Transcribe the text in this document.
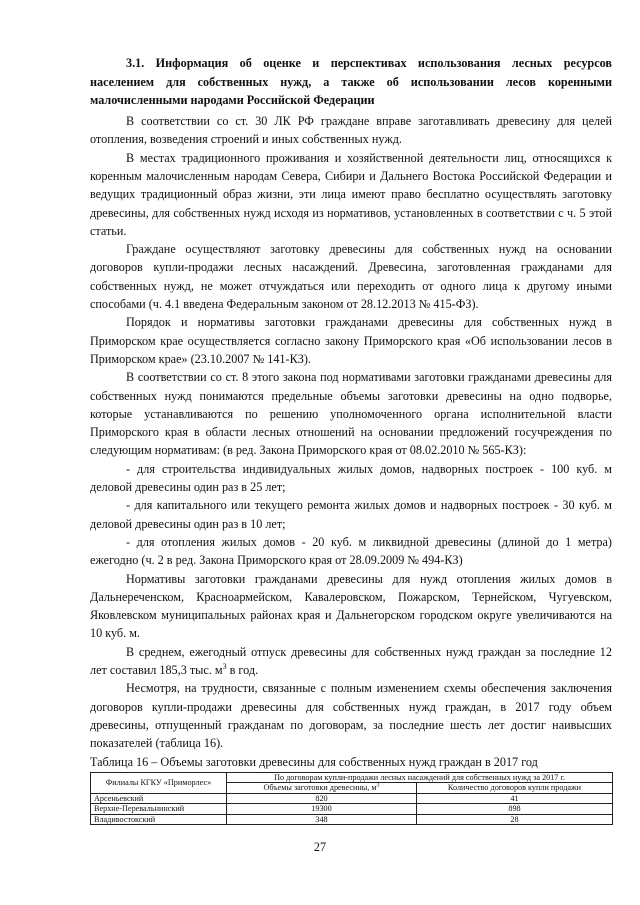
3.1. Информация об оценке и перспективах использования лесных ресурсов населением для собственных нужд, а также об использовании лесов коренными малочисленными народами Российской Федерации

В соответствии со ст. 30 ЛК РФ граждане вправе заготавливать древесину для целей отопления, возведения строений и иных собственных нужд.

В местах традиционного проживания и хозяйственной деятельности лиц, относящихся к коренным малочисленным народам Севера, Сибири и Дальнего Востока Российской Федерации и ведущих традиционный образ жизни, эти лица имеют право бесплатно осуществлять заготовку древесины, для собственных нужд исходя из нормативов, установленных в соответствии с ч. 5 этой статьи.

Граждане осуществляют заготовку древесины для собственных нужд на основании договоров купли-продажи лесных насаждений. Древесина, заготовленная гражданами для собственных нужд, не может отчуждаться или переходить от одного лица к другому иными способами (ч. 4.1 введена Федеральным законом от 28.12.2013 № 415-ФЗ).

Порядок и нормативы заготовки гражданами древесины для собственных нужд в Приморском крае осуществляется согласно закону Приморского края «Об использовании лесов в Приморском крае» (23.10.2007 № 141-КЗ).

В соответствии со ст. 8 этого закона под нормативами заготовки гражданами древесины для собственных нужд понимаются предельные объемы заготовки древесины на одно подворье, которые устанавливаются по решению уполномоченного органа исполнительной власти Приморского края в области лесных отношений на основании предложений госучреждения по следующим нормативам: (в ред. Закона Приморского края от 08.02.2010 № 565-КЗ):

- для строительства индивидуальных жилых домов, надворных построек - 100 куб. м деловой древесины один раз в 25 лет;

- для капитального или текущего ремонта жилых домов и надворных построек - 30 куб. м деловой древесины один раз в 10 лет;

- для отопления жилых домов - 20 куб. м ликвидной древесины (длиной до 1 метра) ежегодно (ч. 2 в ред. Закона Приморского края от 28.09.2009 № 494-КЗ)

Нормативы заготовки гражданами древесины для нужд отопления жилых домов в Дальнереченском, Красноармейском, Кавалеровском, Пожарском, Тернейском, Чугуевском, Яковлевском муниципальных районах края и Дальнегорском городском округе увеличиваются на 10 куб. м.

В среднем, ежегодный отпуск древесины для собственных нужд граждан за последние 12 лет составил 185,3 тыс. $м^3$ в год.

Несмотря, на трудности, связанные с полным изменением схемы обеспечения заключения договоров купли-продажи древесины для собственных нужд граждан, в 2017 году объем древесины, отпущенный гражданам по договорам, за последние шесть лет достиг наивысших показателей (таблица 16).

Таблица 16 – Объемы заготовки древесины для собственных нужд граждан в 2017 год
Филиалы КГКУ «Приморлес»	По договорам купли-продажи лесных насаждений для собственных нужд за 2017 г.	
	Объемы заготовки древесины, $м^3$	Количество договоров купли продажи
Арсеньевский	820	41
Верхне-Перевальнинский	19300	898
Владивостокский	348	28
27
